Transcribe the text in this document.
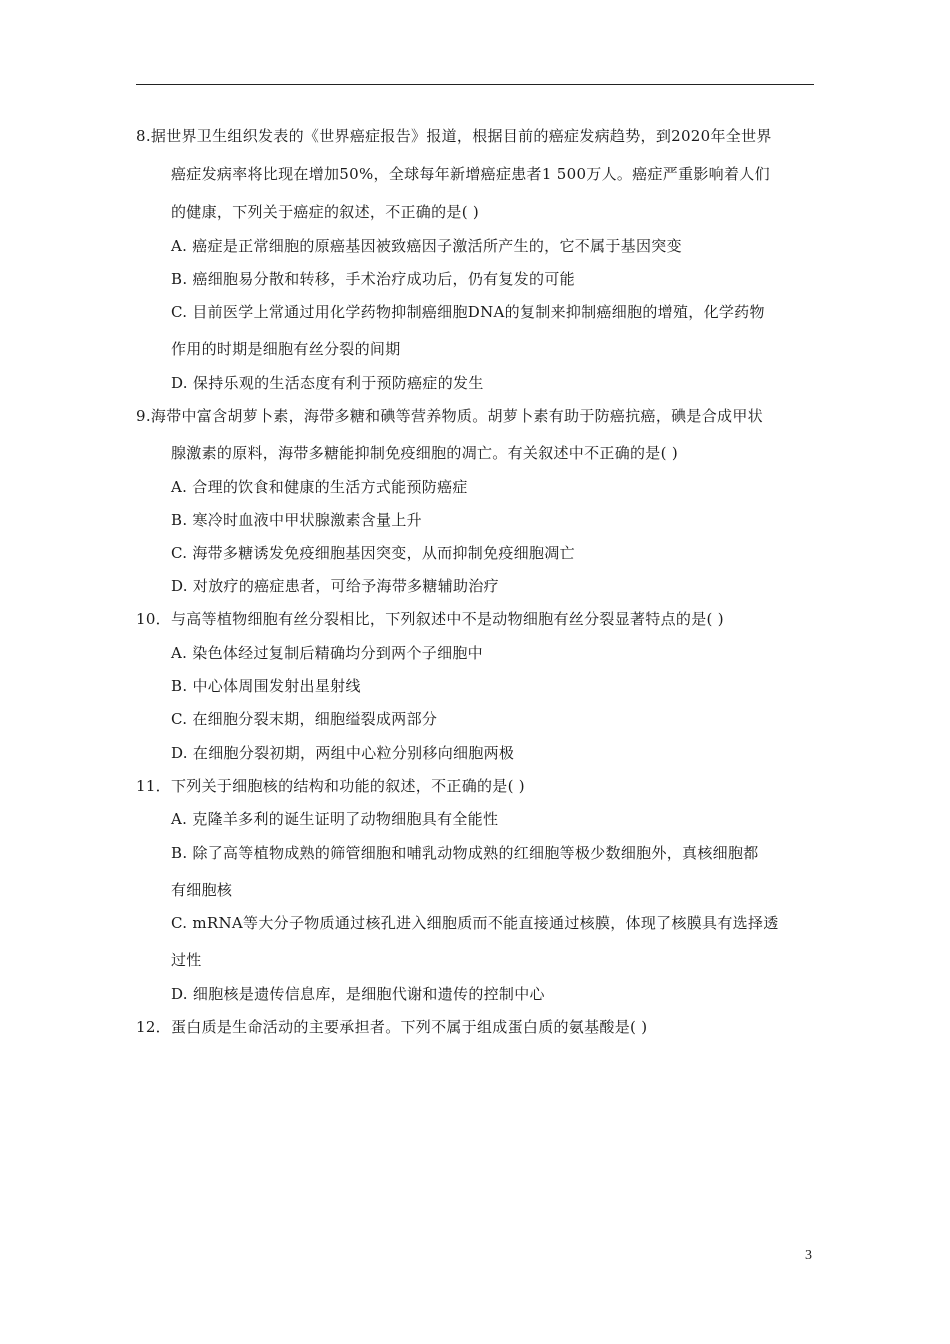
8.据世界卫生组织发表的《世界癌症报告》报道，根据目前的癌症发病趋势，到2020年全世界
癌症发病率将比现在增加50%，全球每年新增癌症患者1 500万人。癌症严重影响着人们
的健康，下列关于癌症的叙述，不正确的是( )
A. 癌症是正常细胞的原癌基因被致癌因子激活所产生的，它不属于基因突变
B. 癌细胞易分散和转移，手术治疗成功后，仍有复发的可能
C. 目前医学上常通过用化学药物抑制癌细胞DNA的复制来抑制癌细胞的增殖，化学药物
作用的时期是细胞有丝分裂的间期
D. 保持乐观的生活态度有利于预防癌症的发生
9.海带中富含胡萝卜素，海带多糖和碘等营养物质。胡萝卜素有助于防癌抗癌，碘是合成甲状
腺激素的原料，海带多糖能抑制免疫细胞的凋亡。有关叙述中不正确的是( )
A. 合理的饮食和健康的生活方式能预防癌症
B. 寒冷时血液中甲状腺激素含量上升
C. 海带多糖诱发免疫细胞基因突变，从而抑制免疫细胞凋亡
D. 对放疗的癌症患者，可给予海带多糖辅助治疗
10．与高等植物细胞有丝分裂相比，下列叙述中不是动物细胞有丝分裂显著特点的是( )
A. 染色体经过复制后精确均分到两个子细胞中
B. 中心体周围发射出星射线
C. 在细胞分裂末期，细胞缢裂成两部分
D. 在细胞分裂初期，两组中心粒分别移向细胞两极
11．下列关于细胞核的结构和功能的叙述，不正确的是( )
A. 克隆羊多利的诞生证明了动物细胞具有全能性
B. 除了高等植物成熟的筛管细胞和哺乳动物成熟的红细胞等极少数细胞外，真核细胞都
有细胞核
C. mRNA等大分子物质通过核孔进入细胞质而不能直接通过核膜，体现了核膜具有选择透
过性
D. 细胞核是遗传信息库，是细胞代谢和遗传的控制中心
12．蛋白质是生命活动的主要承担者。下列不属于组成蛋白质的氨基酸是( )
3
